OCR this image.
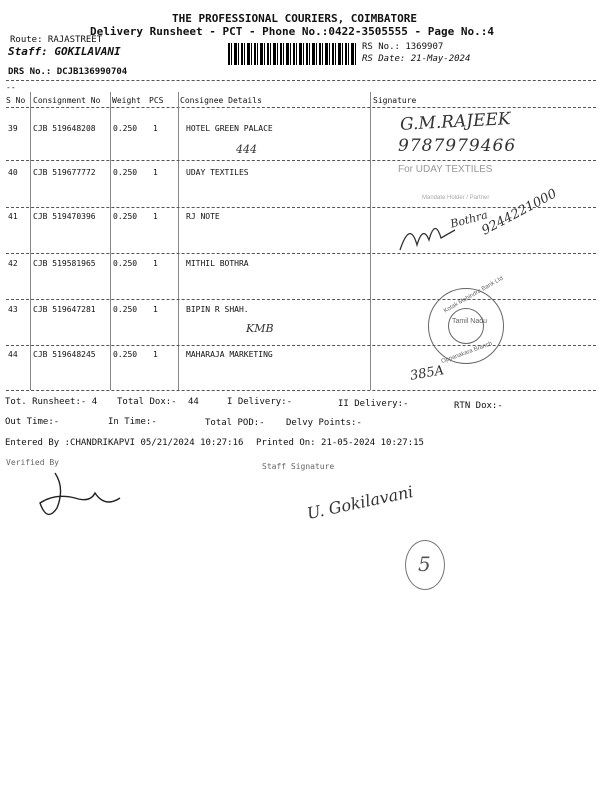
THE PROFESSIONAL COURIERS, COIMBATORE
Delivery Runsheet - PCT - Phone No.:0422-3505555 - Page No.:4
Route: RAJASTREET
Staff: GOKILAVANI	RS No.: 1369907
RS Date: 21-May-2024
DRS No.: DCJB136990704
--
S No Consignment No Weight PCS Consignee Details	Signature
39 CJB 519648208 0.250 1	HOTEL GREEN PALACE
40 CJB 519677772 0.250 1	UDAY TEXTILES
41 CJB 519470396 0.250 1	RJ NOTE
42 CJB 519581965 0.250 1	MITHIL BOTHRA
43 CJB 519647281 0.250 1	BIPIN R SHAH.
44 CJB 519648245 0.250 1	MAHARAJA MARKETING
444
G.M.RAJEEK
9787979466
For UDAY TEXTILES
Mandate Holder / Partner
Bothra
9244221000
Kotak Mahindra Bank Ltd
Tamil Nadu
Oppanakara Branch
KMB
385A
Tot. Runsheet:- 4 Total Dox:- 44	I Delivery:-	II Delivery:-	RTN Dox:-
Out Time:-	In Time:-	Total POD:- Delvy Points:-
Entered By :CHANDRIKAPVI 05/21/2024 10:27:16 Printed On: 21-05-2024 10:27:15
Verified By	Staff Signature
U. Gokilavani
5
